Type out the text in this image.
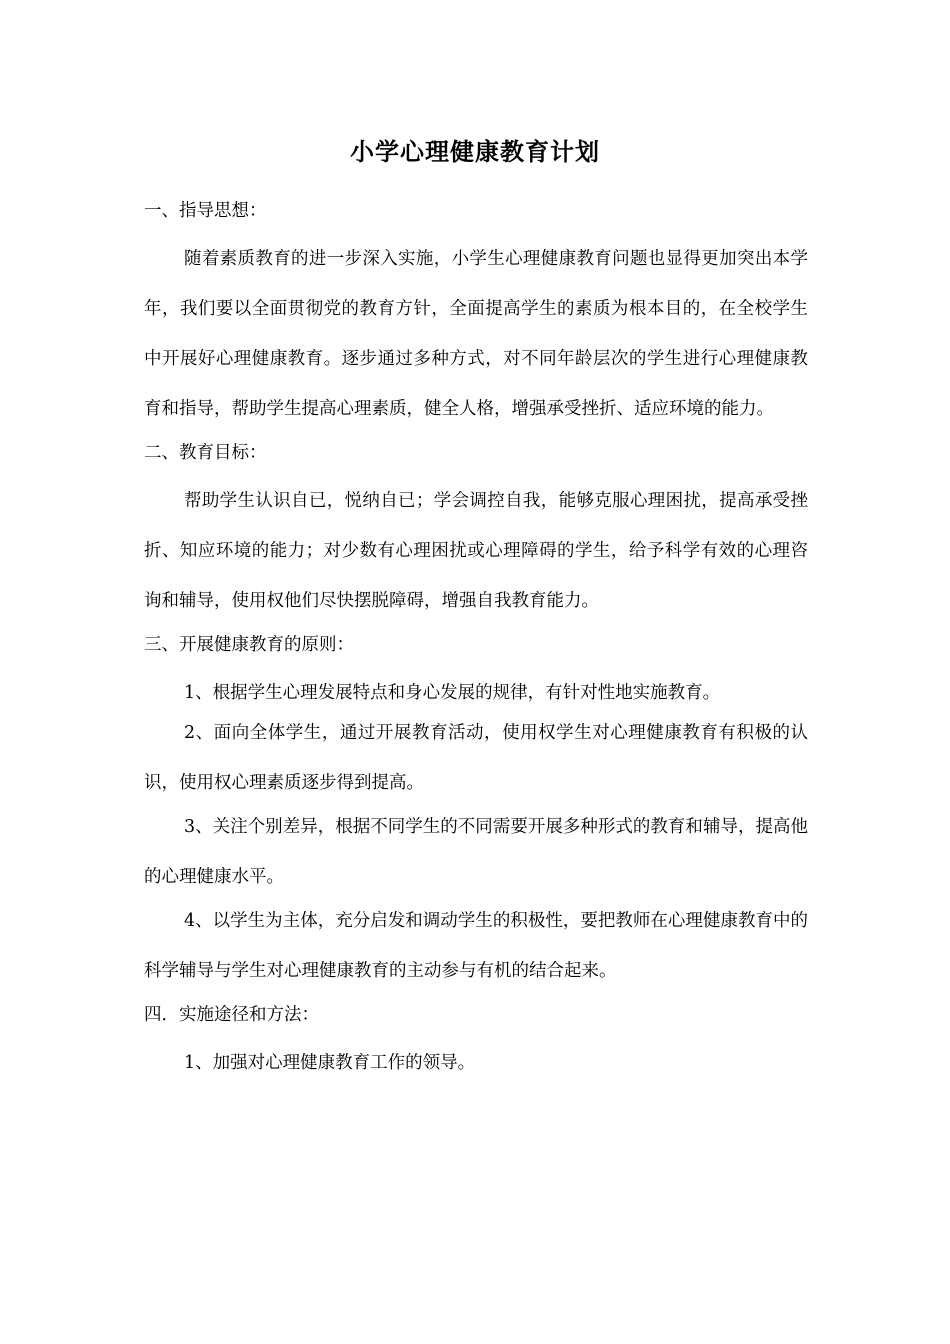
小学心理健康教育计划
一、指导思想：

随着素质教育的进一步深入实施，小学生心理健康教育问题也显得更加突出本学年，我们要以全面贯彻党的教育方针，全面提高学生的素质为根本目的，在全校学生中开展好心理健康教育。逐步通过多种方式，对不同年龄层次的学生进行心理健康教育和指导，帮助学生提高心理素质，健全人格，增强承受挫折、适应环境的能力。

二、教育目标：

帮助学生认识自已，悦纳自已；学会调控自我，能够克服心理困扰，提高承受挫折、知应环境的能力；对少数有心理困扰或心理障碍的学生，给予科学有效的心理咨询和辅导，使用权他们尽快摆脱障碍，增强自我教育能力。

三、开展健康教育的原则：

1、根据学生心理发展特点和身心发展的规律，有针对性地实施教育。

2、面向全体学生，通过开展教育活动，使用权学生对心理健康教育有积极的认识，使用权心理素质逐步得到提高。

3、关注个别差异，根据不同学生的不同需要开展多种形式的教育和辅导，提高他的心理健康水平。

4、以学生为主体，充分启发和调动学生的积极性，要把教师在心理健康教育中的科学辅导与学生对心理健康教育的主动参与有机的结合起来。

四．实施途径和方法：

1、加强对心理健康教育工作的领导。
